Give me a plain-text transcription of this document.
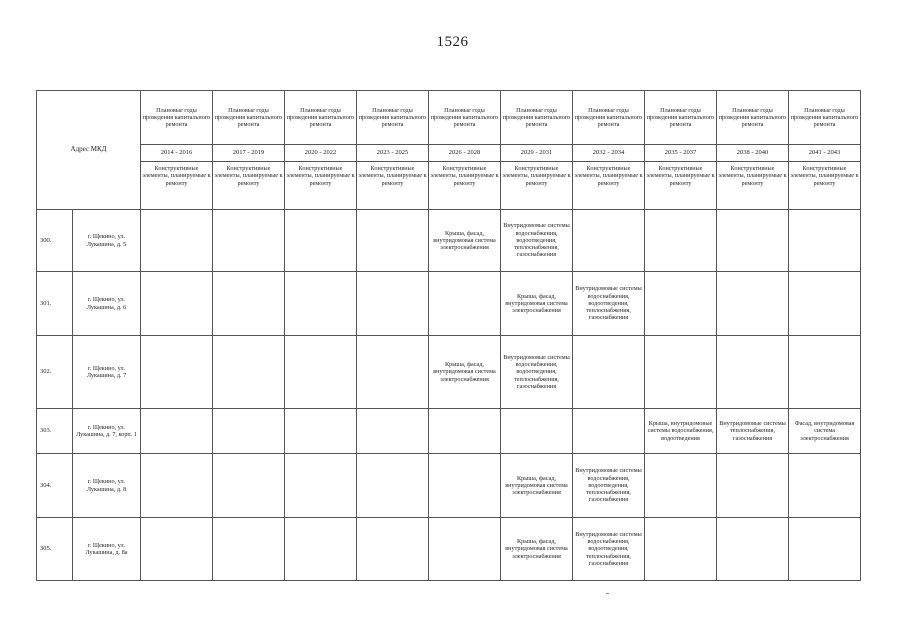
1526
Адрес МКД		Плановые годы проведения капитального ремонта	Плановые годы проведения капитального ремонта	Плановые годы проведения капитального ремонта	Плановые годы проведения капитального ремонта	Плановые годы проведения капитального ремонта	Плановые годы проведения капитального ремонта	Плановые годы проведения капитального ремонта	Плановые годы проведения капитального ремонта	Плановые годы проведения капитального ремонта	Плановые годы проведения капитального ремонта
		2014 - 2016	2017 - 2019	2020 - 2022	2023 - 2025	2026 - 2028	2029 - 2031	2032 - 2034	2035 - 2037	2038 - 2040	2041 - 2043
		Конструктивные элементы, планируемые к ремонту	Конструктивные элементы, планируемые к ремонту	Конструктивные элементы, планируемые к ремонту	Конструктивные элементы, планируемые к ремонту	Конструктивные элементы, планируемые к ремонту	Конструктивные элементы, планируемые к ремонту	Конструктивные элементы, планируемые к ремонту	Конструктивные элементы, планируемые к ремонту	Конструктивные элементы, планируемые к ремонту	Конструктивные элементы, планируемые к ремонту
300.	г. Щекино, ул. Лукашина, д. 5					Крыша, фасад, внутридомовая система электроснабжения	Внутридомовые системы водоснабжения, водоотведения, теплоснабжения, газоснабжения				
301.	г. Щекино, ул. Лукашина, д. 6						Крыша, фасад, внутридомовая система электроснабжения	Внутридомовые системы водоснабжения, водоотведения, теплоснабжения, газоснабжения			
302.	г. Щекино, ул. Лукашина, д. 7					Крыша, фасад, внутридомовая система электроснабжения	Внутридомовые системы водоснабжения, водоотведения, теплоснабжения, газоснабжения				
303.	г. Щекино, ул. Лукашина, д. 7, корп. 1								Крыша, внутридомовые системы водоснабжения, водоотведения	Внутридомовые системы теплоснабжения, газоснабжения	Фасад, внутридомовая система электроснабжения
304.	г. Щекино, ул. Лукашина, д. 8						Крыша, фасад, внутридомовая система электроснабжения	Внутридомовые системы водоснабжения, водоотведения, теплоснабжения, газоснабжения			
305.	г. Щекино, ул. Лукашина, д. 8а						Крыша, фасад, внутридомовая система электроснабжения	Внутридомовые системы водоснабжения, водоотведения, теплоснабжения, газоснабжения			
